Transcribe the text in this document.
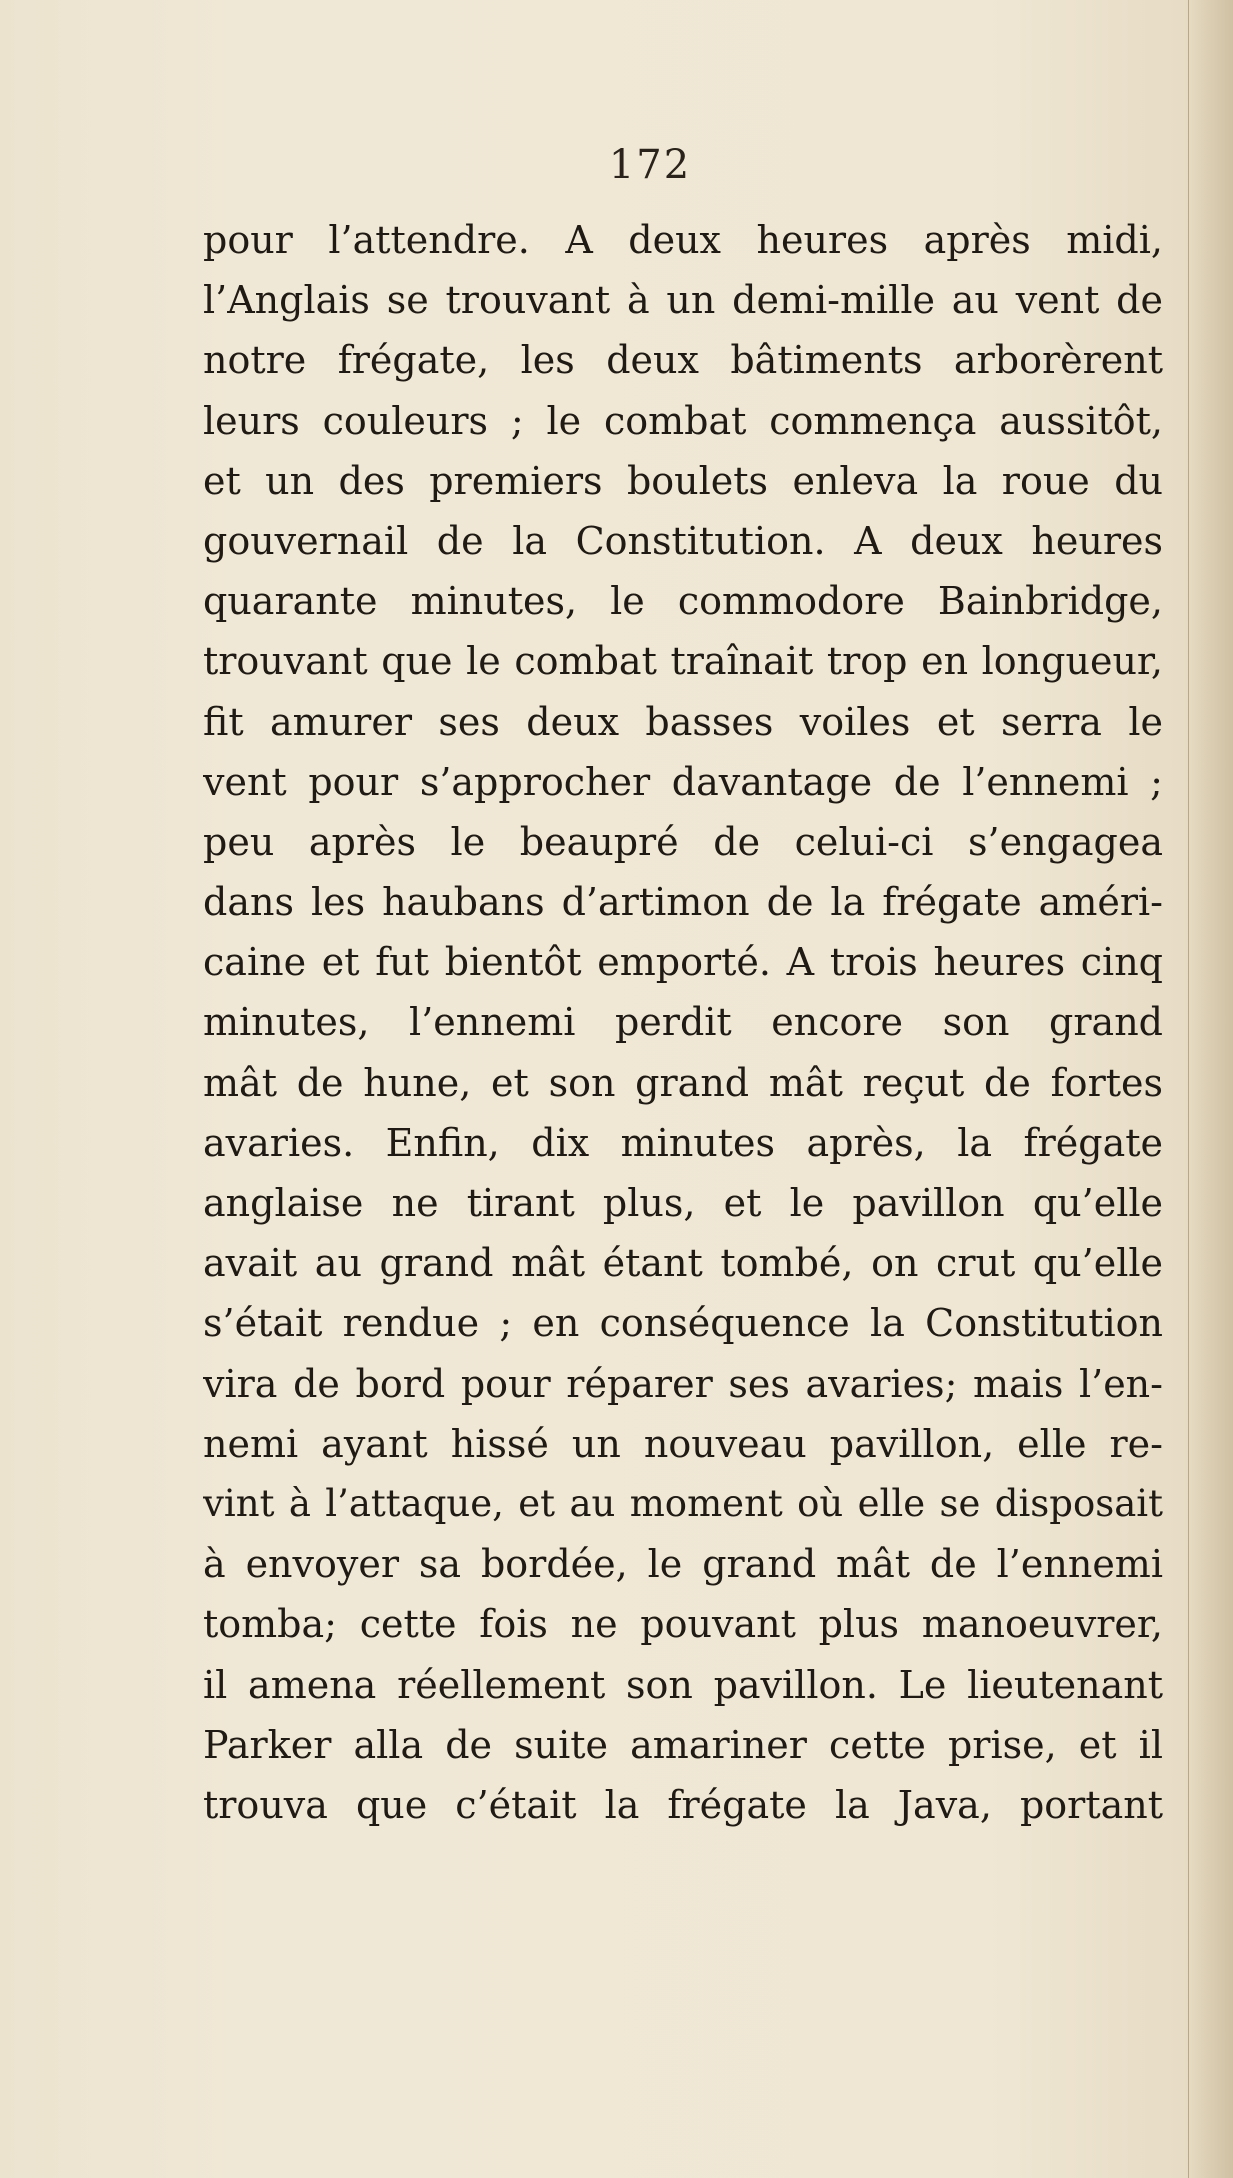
172
pour l’attendre. A deux heures après midi,
l’Anglais se trouvant à un demi-mille au vent de
notre frégate, les deux bâtiments arborèrent
leurs couleurs ; le combat commença aussitôt,
et un des premiers boulets enleva la roue du
gouvernail de la Constitution. A deux heures
quarante minutes, le commodore Bainbridge,
trouvant que le combat traînait trop en longueur,
fit amurer ses deux basses voiles et serra le
vent pour s’approcher davantage de l’ennemi ;
peu après le beaupré de celui-ci s’engagea
dans les haubans d’artimon de la frégate améri-
caine et fut bientôt emporté. A trois heures cinq
minutes, l’ennemi perdit encore son grand
mât de hune, et son grand mât reçut de fortes
avaries. Enfin, dix minutes après, la frégate
anglaise ne tirant plus, et le pavillon qu’elle
avait au grand mât étant tombé, on crut qu’elle
s’était rendue ; en conséquence la Constitution
vira de bord pour réparer ses avaries; mais l’en-
nemi ayant hissé un nouveau pavillon, elle re-
vint à l’attaque, et au moment où elle se disposait
à envoyer sa bordée, le grand mât de l’ennemi
tomba; cette fois ne pouvant plus manoeuvrer,
il amena réellement son pavillon. Le lieutenant
Parker alla de suite amariner cette prise, et il
trouva que c’était la frégate la Java, portant
